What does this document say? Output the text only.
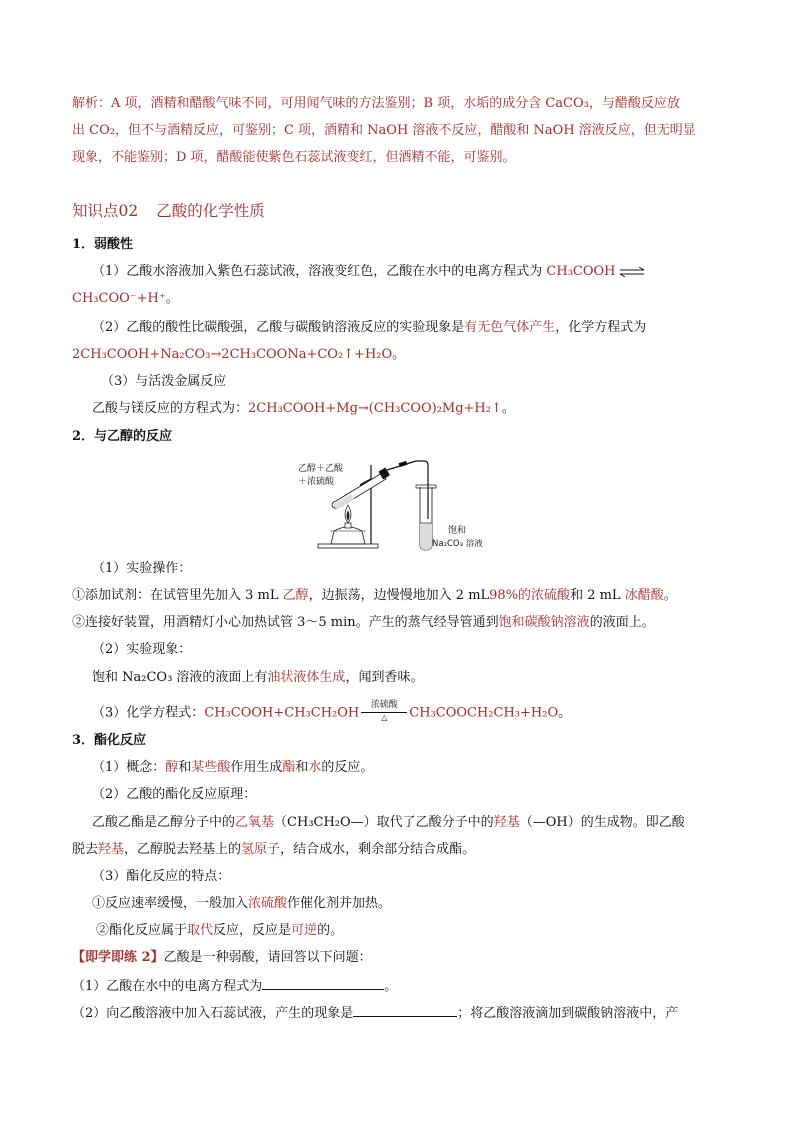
解析：A 项，酒精和醋酸气味不同，可用闻气味的方法鉴别；B 项，水垢的成分含 CaCO₃，与醋酸反应放
出 CO₂，但不与酒精反应，可鉴别；C 项，酒精和 NaOH 溶液不反应，醋酸和 NaOH 溶液反应，但无明显
现象，不能鉴别；D 项，醋酸能使紫色石蕊试液变红，但酒精不能，可鉴别。
知识点02 乙酸的化学性质
1．弱酸性
（1）乙酸水溶液加入紫色石蕊试液，溶液变红色，乙酸在水中的电离方程式为 CH₃COOH ⇌
CH₃COO⁻+H⁺。
（2）乙酸的酸性比碳酸强，乙酸与碳酸钠溶液反应的实验现象是有无色气体产生，化学方程式为
2CH₃COOH+Na₂CO₃→2CH₃COONa+CO₂↑+H₂O。
（3）与活泼金属反应
乙酸与镁反应的方程式为：2CH₃COOH+Mg→(CH₃COO)₂Mg+H₂↑。
2．与乙醇的反应
乙醇＋乙酸
＋浓硫酸
饱和
Na₂CO₃ 溶液
（1）实验操作：
①添加试剂：在试管里先加入 3 mL 乙醇，边振荡，边慢慢地加入 2 mL98%的浓硫酸和 2 mL 冰醋酸。
②连接好装置，用酒精灯小心加热试管 3～5 min。产生的蒸气经导管通到饱和碳酸钠溶液的液面上。
（2）实验现象：
饱和 Na₂CO₃ 溶液的液面上有油状液体生成，闻到香味。
（3）化学方程式：CH₃COOH+CH₃CH₂OH
浓硫酸
△	CH₃COOCH₂CH₃+H₂O。
3．酯化反应
（1）概念：醇和某些酸作用生成酯和水的反应。
（2）乙酸的酯化反应原理：
乙酸乙酯是乙醇分子中的乙氧基（CH₃CH₂O—）取代了乙酸分子中的羟基（—OH）的生成物。即乙酸
脱去羟基，乙醇脱去羟基上的氢原子，结合成水，剩余部分结合成酯。
（3）酯化反应的特点：
①反应速率缓慢，一般加入浓硫酸作催化剂并加热。
②酯化反应属于取代反应，反应是可逆的。
【即学即练 2】乙酸是一种弱酸，请回答以下问题：
（1）乙酸在水中的电离方程式为	。
（2）向乙酸溶液中加入石蕊试液，产生的现象是	；将乙酸溶液滴加到碳酸钠溶液中，产
